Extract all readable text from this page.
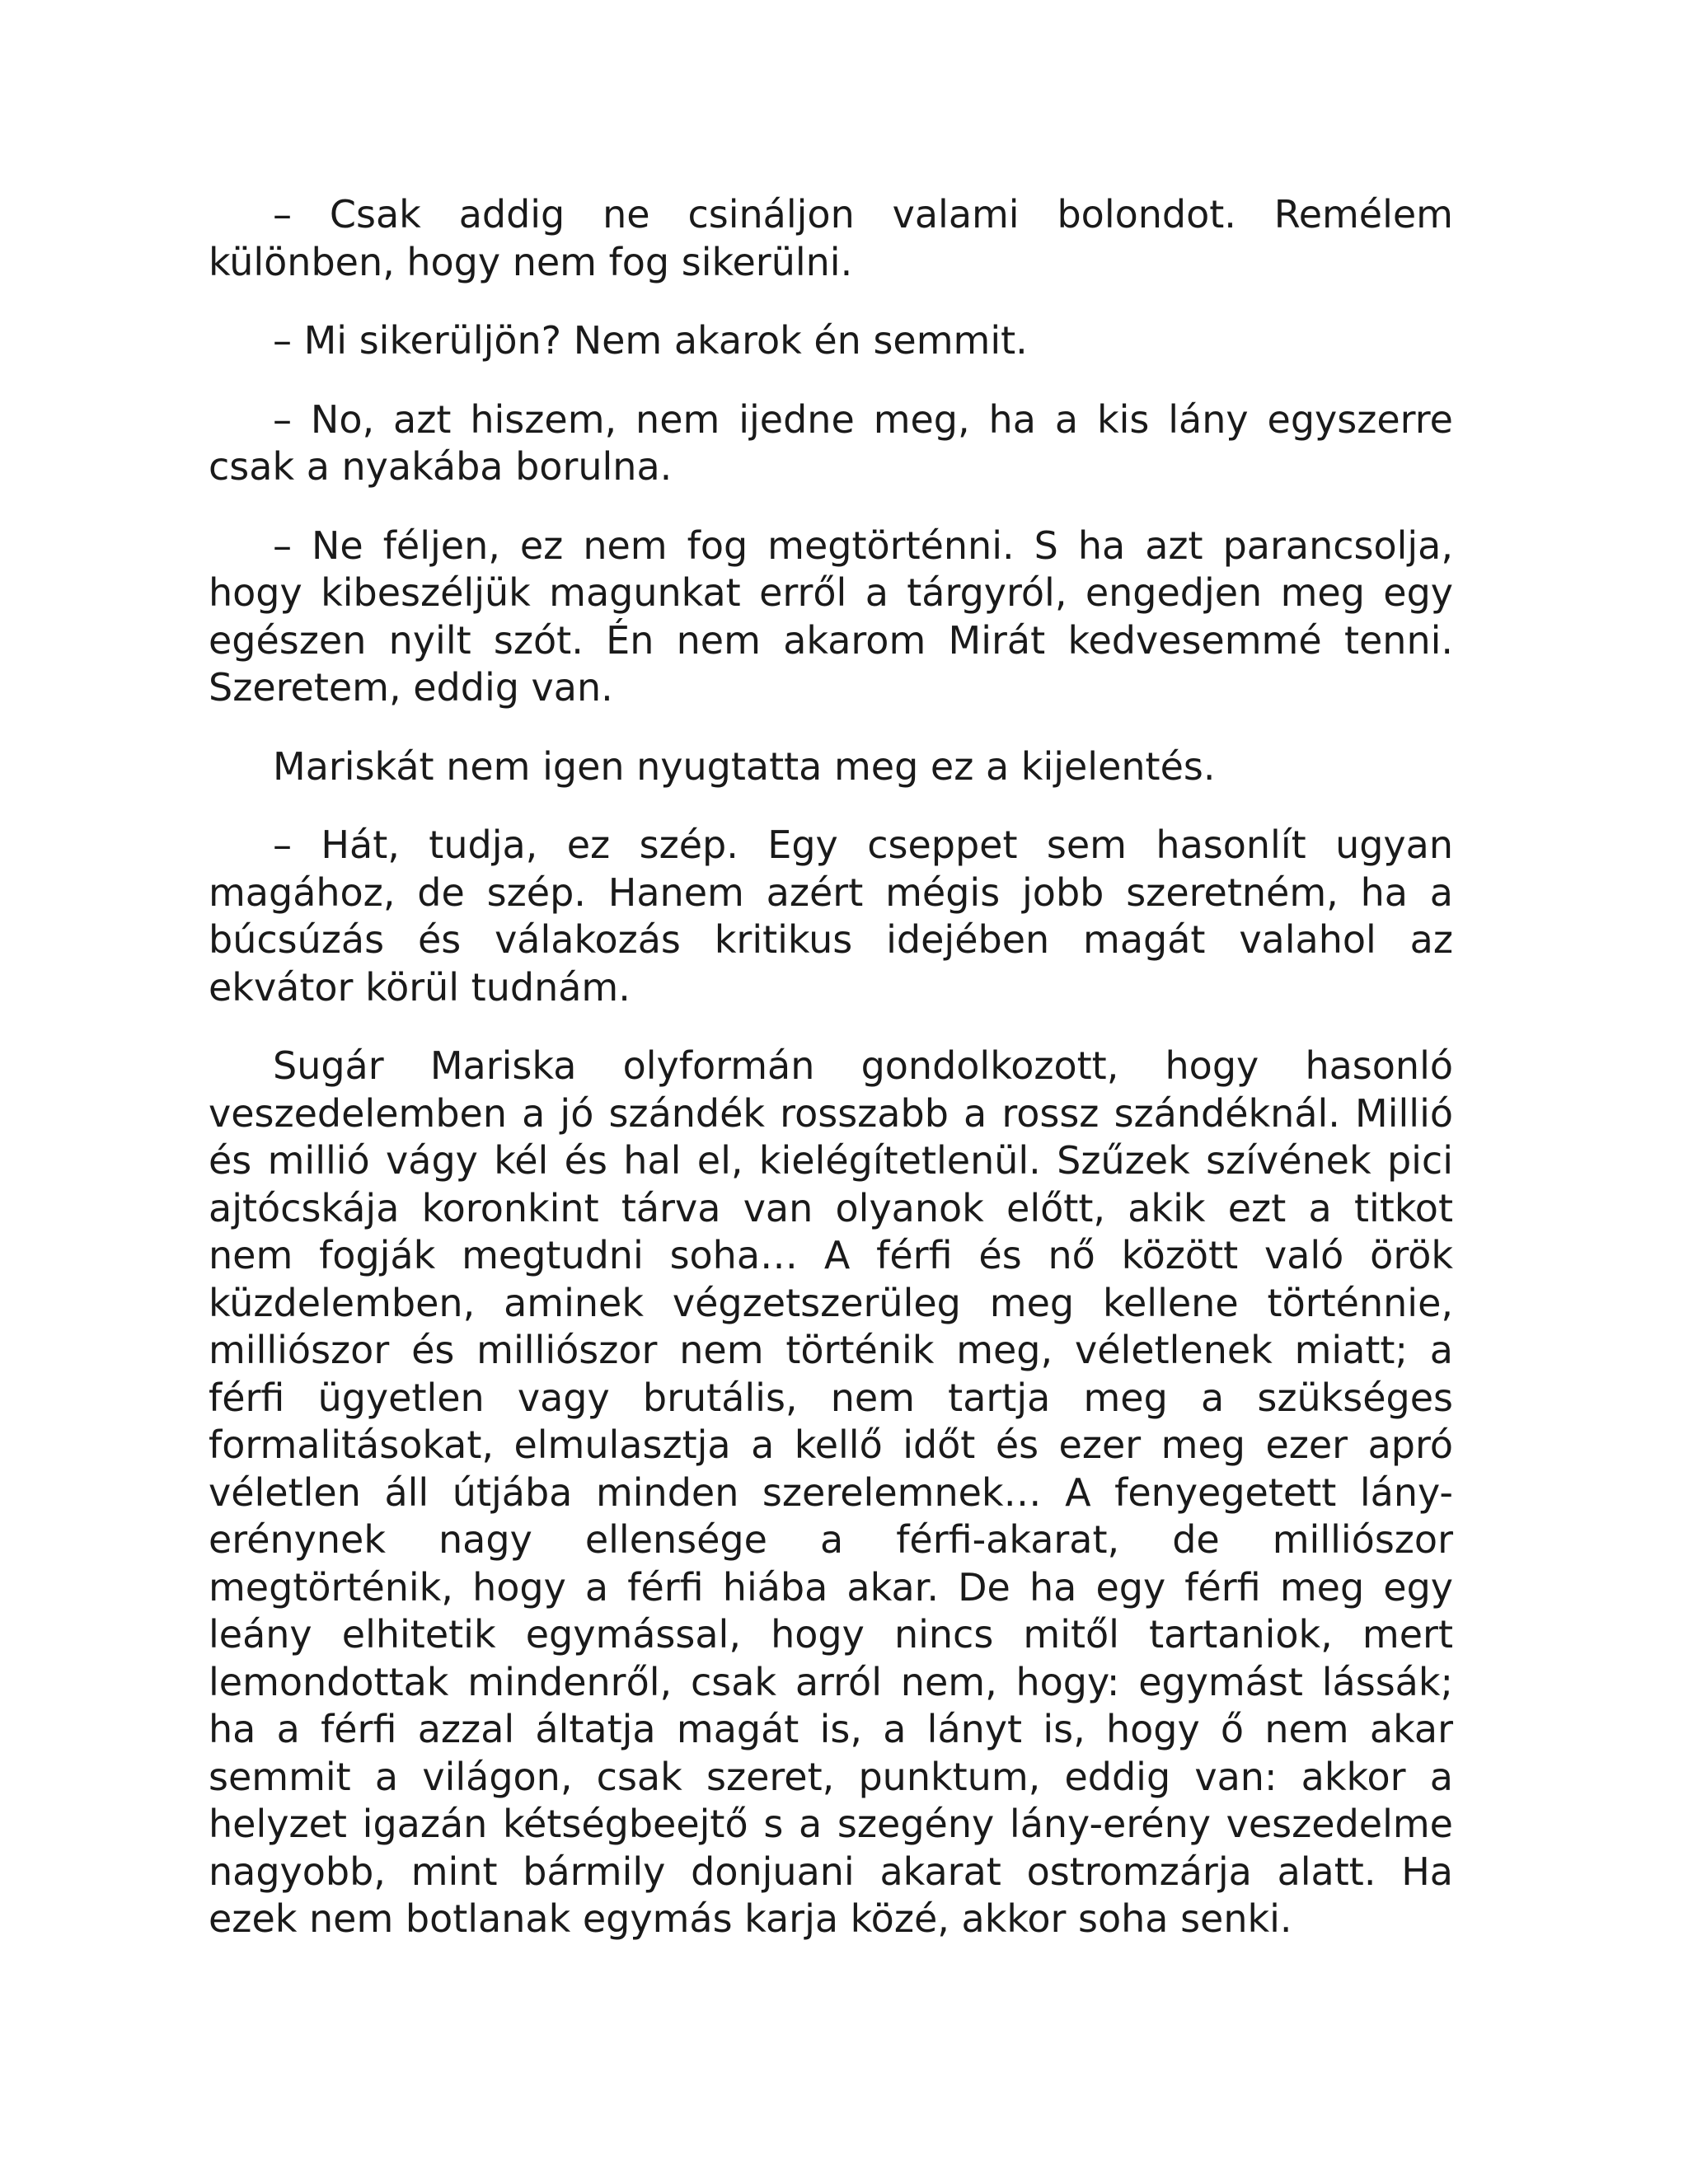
– Csak addig ne csináljon valami bolondot. Remélem különben, hogy nem fog sikerülni.

– Mi sikerüljön? Nem akarok én semmit.

– No, azt hiszem, nem ijedne meg, ha a kis lány egyszerre csak a nyakába borulna.

– Ne féljen, ez nem fog megtörténni. S ha azt parancsolja, hogy kibeszéljük magunkat erről a tárgyról, engedjen meg egy egészen nyilt szót. Én nem akarom Mirát kedvesemmé tenni. Szeretem, eddig van.

Mariskát nem igen nyugtatta meg ez a kijelentés.

– Hát, tudja, ez szép. Egy cseppet sem hasonlít ugyan magához, de szép. Hanem azért mégis jobb szeretném, ha a búcsúzás és válakozás kritikus idejében magát valahol az ekvátor körül tudnám.

Sugár Mariska olyformán gondolkozott, hogy hasonló veszedelemben a jó szándék rosszabb a rossz szándéknál. Millió és millió vágy kél és hal el, kielégítetlenül. Szűzek szívének pici ajtócskája koronkint tárva van olyanok előtt, akik ezt a titkot nem fogják megtudni soha… A férfi és nő között való örök küzdelemben, aminek végzetszerüleg meg kellene történnie, milliószor és milliószor nem történik meg, véletlenek miatt; a férfi ügyetlen vagy brutális, nem tartja meg a szükséges formalitásokat, elmulasztja a kellő időt és ezer meg ezer apró véletlen áll útjába minden szerelemnek… A fenyegetett lány-erénynek nagy ellensége a férfi-akarat, de milliószor megtörténik, hogy a férfi hiába akar. De ha egy férfi meg egy leány elhitetik egymással, hogy nincs mitől tartaniok, mert lemondottak mindenről, csak arról nem, hogy: egymást lássák; ha a férfi azzal áltatja magát is, a lányt is, hogy ő nem akar semmit a világon, csak szeret, punktum, eddig van: akkor a helyzet igazán kétségbeejtő s a szegény lány-erény veszedelme nagyobb, mint bármily donjuani akarat ostromzárja alatt. Ha ezek nem botlanak egymás karja közé, akkor soha senki.
